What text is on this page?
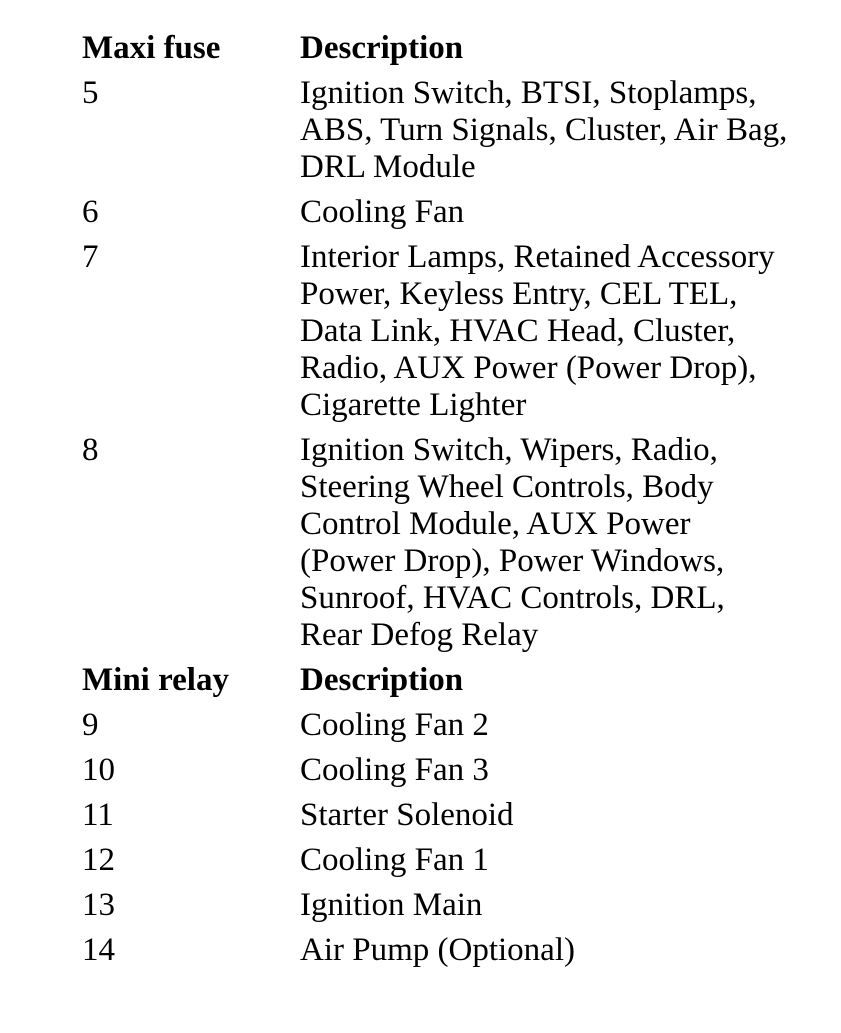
Maxi fuse	Description
5	Ignition Switch, BTSI, Stoplamps,
ABS, Turn Signals, Cluster, Air Bag,
DRL Module
6	Cooling Fan
7	Interior Lamps, Retained Accessory
Power, Keyless Entry, CEL TEL,
Data Link, HVAC Head, Cluster,
Radio, AUX Power (Power Drop),
Cigarette Lighter
8	Ignition Switch, Wipers, Radio,
Steering Wheel Controls, Body
Control Module, AUX Power
(Power Drop), Power Windows,
Sunroof, HVAC Controls, DRL,
Rear Defog Relay
Mini relay	Description
9	Cooling Fan 2
10	Cooling Fan 3
11	Starter Solenoid
12	Cooling Fan 1
13	Ignition Main
14	Air Pump (Optional)
